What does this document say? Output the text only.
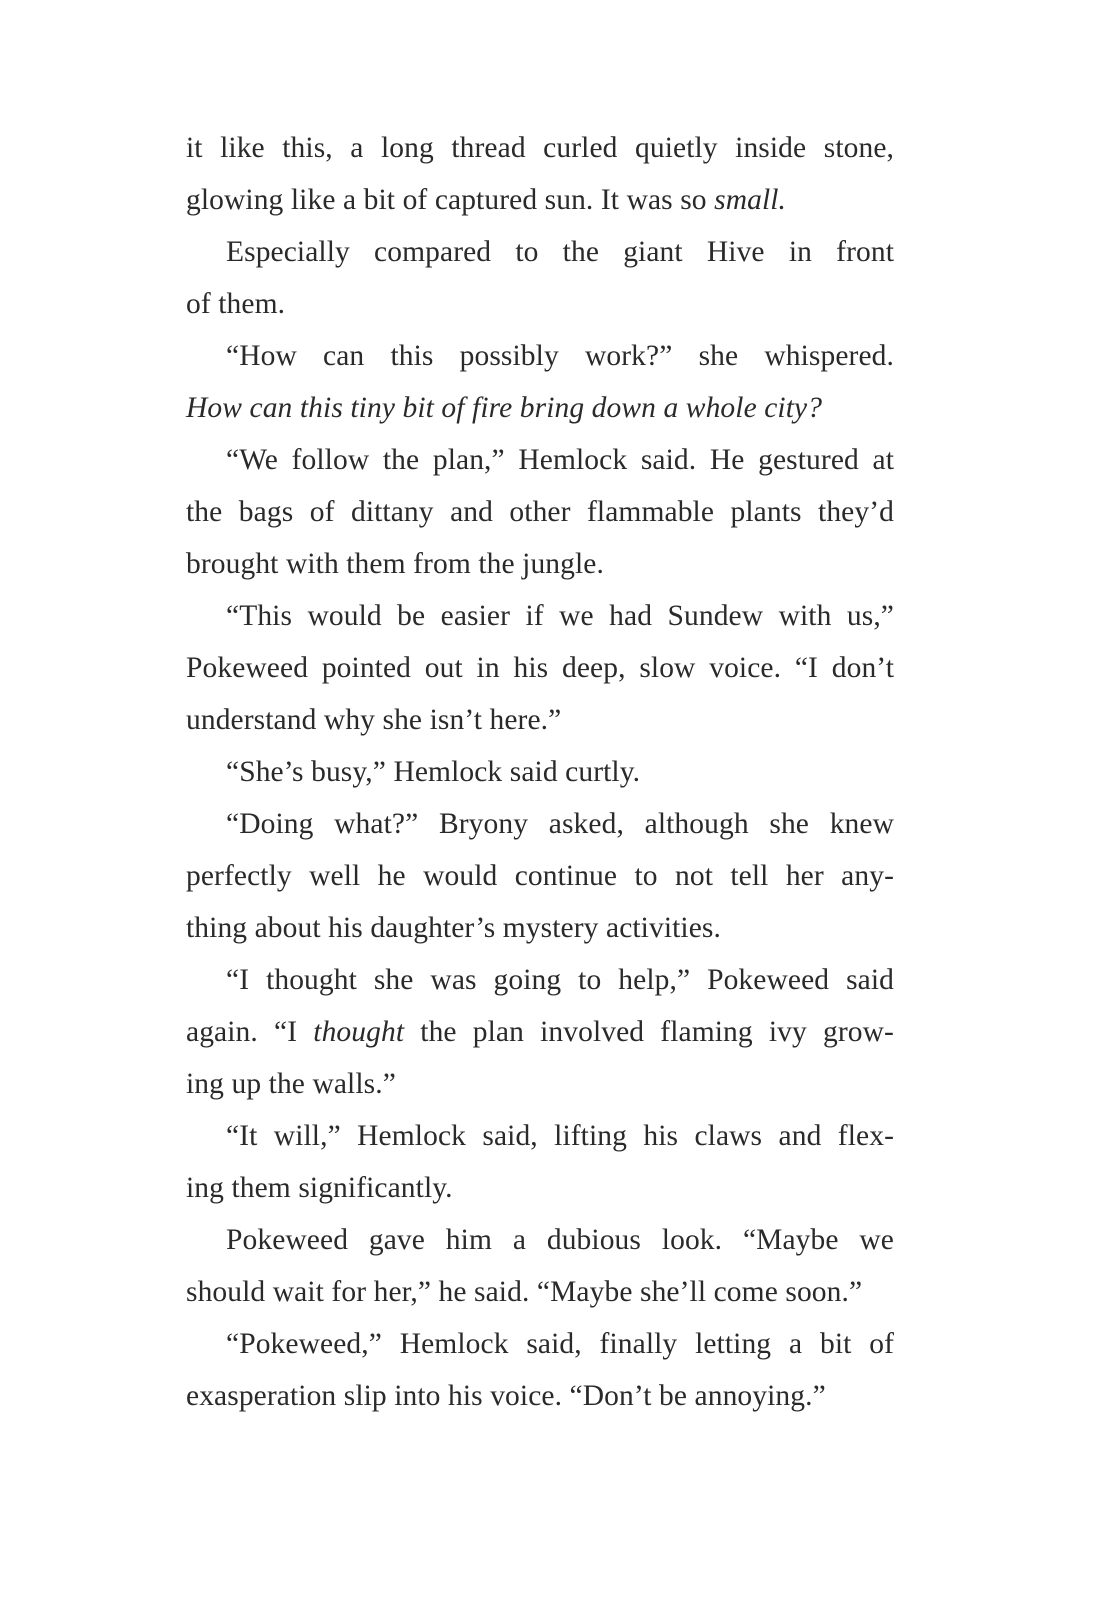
it like this, a long thread curled quietly inside stone,
glowing like a bit of captured sun. It was so small.
Especially compared to the giant Hive in front
of them.
“How can this possibly work?” she whispered.
How can this tiny bit of fire bring down a whole city?
“We follow the plan,” Hemlock said. He gestured at
the bags of dittany and other flammable plants they’d
brought with them from the jungle.
“This would be easier if we had Sundew with us,”
Pokeweed pointed out in his deep, slow voice. “I don’t
understand why she isn’t here.”
“She’s busy,” Hemlock said curtly.
“Doing what?” Bryony asked, although she knew
perfectly well he would continue to not tell her any-
thing about his daughter’s mystery activities.
“I thought she was going to help,” Pokeweed said
again. “I thought the plan involved flaming ivy grow-
ing up the walls.”
“It will,” Hemlock said, lifting his claws and flex-
ing them significantly.
Pokeweed gave him a dubious look. “Maybe we
should wait for her,” he said. “Maybe she’ll come soon.”
“Pokeweed,” Hemlock said, finally letting a bit of
exasperation slip into his voice. “Don’t be annoying.”
